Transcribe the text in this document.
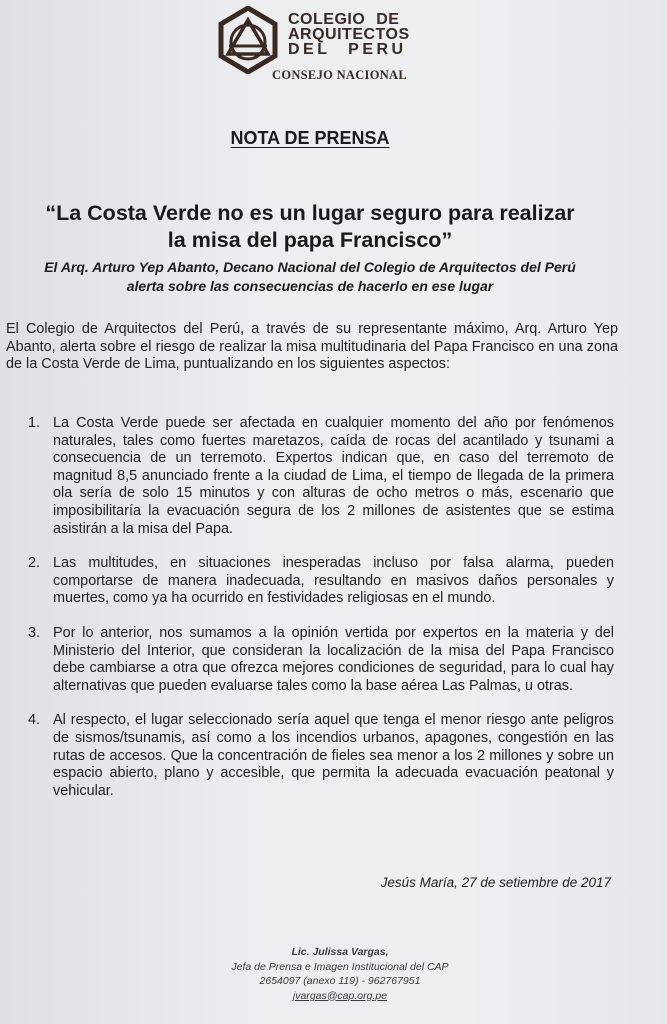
COLEGIO DE
ARQUITECTOS
DEL PERU
CONSEJO NACIONAL
NOTA DE PRENSA
“La Costa Verde no es un lugar seguro para realizar
la misa del papa Francisco”
El Arq. Arturo Yep Abanto, Decano Nacional del Colegio de Arquitectos del Perú
alerta sobre las consecuencias de hacerlo en ese lugar

El Colegio de Arquitectos del Perú, a través de su representante máximo, Arq. Arturo Yep Abanto, alerta sobre el riesgo de realizar la misa multitudinaria del Papa Francisco en una zona de la Costa Verde de Lima, puntualizando en los siguientes aspectos:

1. La Costa Verde puede ser afectada en cualquier momento del año por fenómenos naturales, tales como fuertes maretazos, caída de rocas del acantilado y tsunami a consecuencia de un terremoto. Expertos indican que, en caso del terremoto de magnitud 8,5 anunciado frente a la ciudad de Lima, el tiempo de llegada de la primera ola sería de solo 15 minutos y con alturas de ocho metros o más, escenario que imposibilitaría la evacuación segura de los 2 millones de asistentes que se estima asistirán a la misa del Papa.
2. Las multitudes, en situaciones inesperadas incluso por falsa alarma, pueden comportarse de manera inadecuada, resultando en masivos daños personales y muertes, como ya ha ocurrido en festividades religiosas en el mundo.
3. Por lo anterior, nos sumamos a la opinión vertida por expertos en la materia y del Ministerio del Interior, que consideran la localización de la misa del Papa Francisco debe cambiarse a otra que ofrezca mejores condiciones de seguridad, para lo cual hay alternativas que pueden evaluarse tales como la base aérea Las Palmas, u otras.
4. Al respecto, el lugar seleccionado sería aquel que tenga el menor riesgo ante peligros de sismos/tsunamis, así como a los incendios urbanos, apagones, congestión en las rutas de accesos. Que la concentración de fieles sea menor a los 2 millones y sobre un espacio abierto, plano y accesible, que permita la adecuada evacuación peatonal y vehicular.
Jesús María, 27 de setiembre de 2017
Lic. Julissa Vargas,
Jefa de Prensa e Imagen Institucional del CAP
2654097 (anexo 119) - 962767951
jvargas@cap.org.pe
